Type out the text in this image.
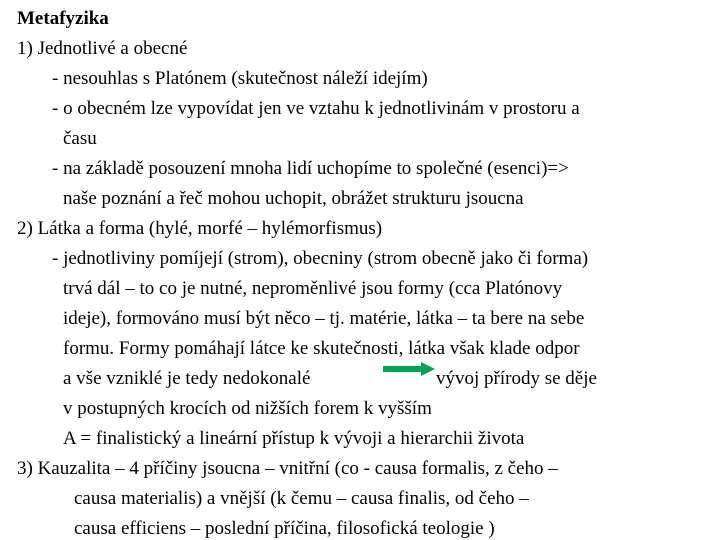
Metafyzika
1) Jednotlivé a obecné
- nesouhlas s Platónem (skutečnost náleží idejím)
- o obecném lze vypovídat jen ve vztahu k jednotlivinám v prostoru a
času
- na základě posouzení mnoha lidí uchopíme to společné (esenci)=>
naše poznání a řeč mohou uchopit, obrážet strukturu jsoucna
2) Látka a forma (hylé, morfé – hylémorfismus)
- jednotliviny pomíjejí (strom), obecniny (strom obecně jako či forma)
trvá dál – to co je nutné, neproměnlivé jsou formy (cca Platónovy
ideje), formováno musí být něco – tj. matérie, látka – ta bere na sebe
formu. Formy pomáhají látce ke skutečnosti, látka však klade odpor
a vše vzniklé je tedy nedokonalé	vývoj přírody se děje
v postupných krocích od nižších forem k vyšším
A = finalistický a lineární přístup k vývoji a hierarchii života
3) Kauzalita – 4 příčiny jsoucna – vnitřní (co - causa formalis, z čeho –
causa materialis) a vnější (k čemu – causa finalis, od čeho –
causa efficiens – poslední příčina, filosofická teologie )
